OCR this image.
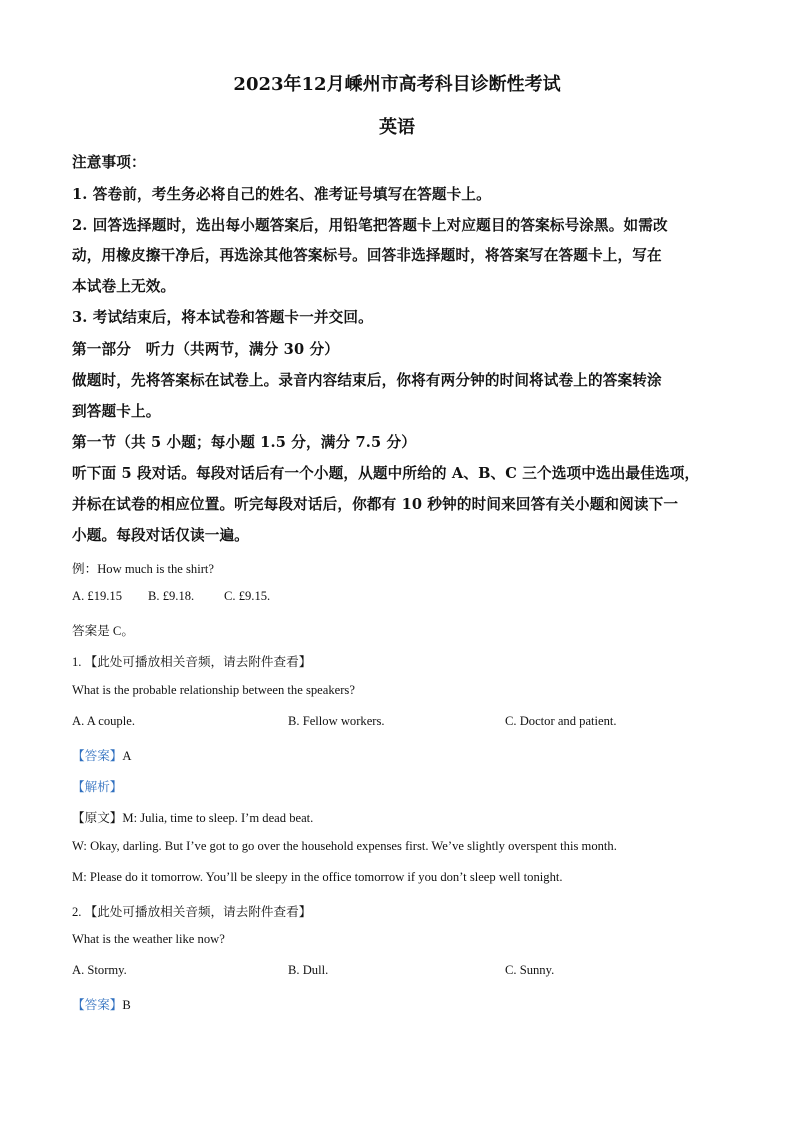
2023年12月嵊州市高考科目诊断性考试
英语
注意事项：
1. 答卷前，考生务必将自己的姓名、准考证号填写在答题卡上。
2. 回答选择题时，选出每小题答案后，用铅笔把答题卡上对应题目的答案标号涂黑。如需改
动，用橡皮擦干净后，再选涂其他答案标号。回答非选择题时，将答案写在答题卡上，写在
本试卷上无效。
3. 考试结束后，将本试卷和答题卡一并交回。
第一部分　听力（共两节，满分 30 分）
做题时，先将答案标在试卷上。录音内容结束后，你将有两分钟的时间将试卷上的答案转涂
到答题卡上。
第一节（共 5 小题；每小题 1.5 分，满分 7.5 分）
听下面 5 段对话。每段对话后有一个小题，从题中所给的 A、B、C 三个选项中选出最佳选项，
并标在试卷的相应位置。听完每段对话后，你都有 10 秒钟的时间来回答有关小题和阅读下一
小题。每段对话仅读一遍。
例：How much is the shirt?
A. £19.15 B. £9.18. C. £9.15.
答案是 C。
1. 【此处可播放相关音频，请去附件查看】
What is the probable relationship between the speakers?
A. A couple.	B. Fellow workers.	C. Doctor and patient.
【答案】A
【解析】
【原文】M: Julia, time to sleep. I’m dead beat.
W: Okay, darling. But I’ve got to go over the household expenses first. We’ve slightly overspent this month.
M: Please do it tomorrow. You’ll be sleepy in the office tomorrow if you don’t sleep well tonight.
2. 【此处可播放相关音频，请去附件查看】
What is the weather like now?
A. Stormy.	B. Dull.	C. Sunny.
【答案】B
